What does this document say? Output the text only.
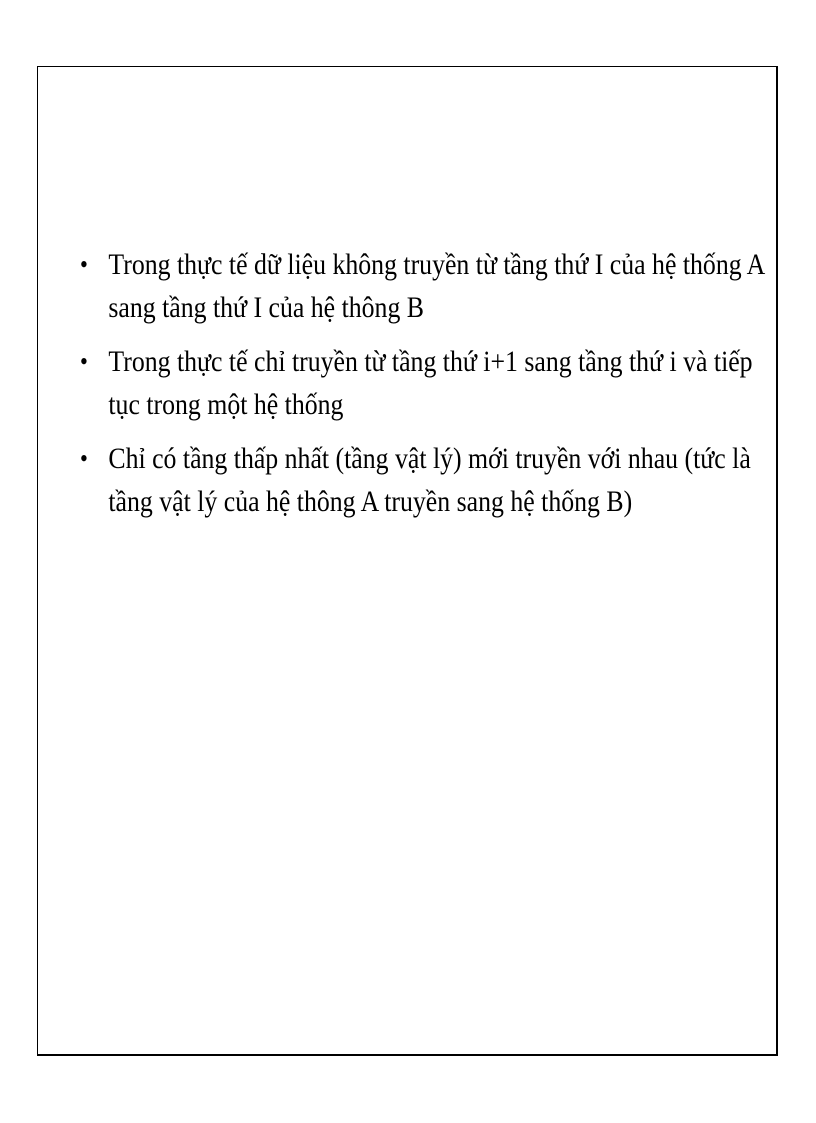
• Trong thực tế dữ liệu không truyền từ tầng thứ I của hệ thống A sang tầng thứ I của hệ thông B
• Trong thực tế chỉ truyền từ tầng thứ i+1 sang tầng thứ i và tiếp tục trong một hệ thống
• Chỉ có tầng thấp nhất (tầng vật lý) mới truyền với nhau (tức là tầng vật lý của hệ thông A truyền sang hệ thống B)
